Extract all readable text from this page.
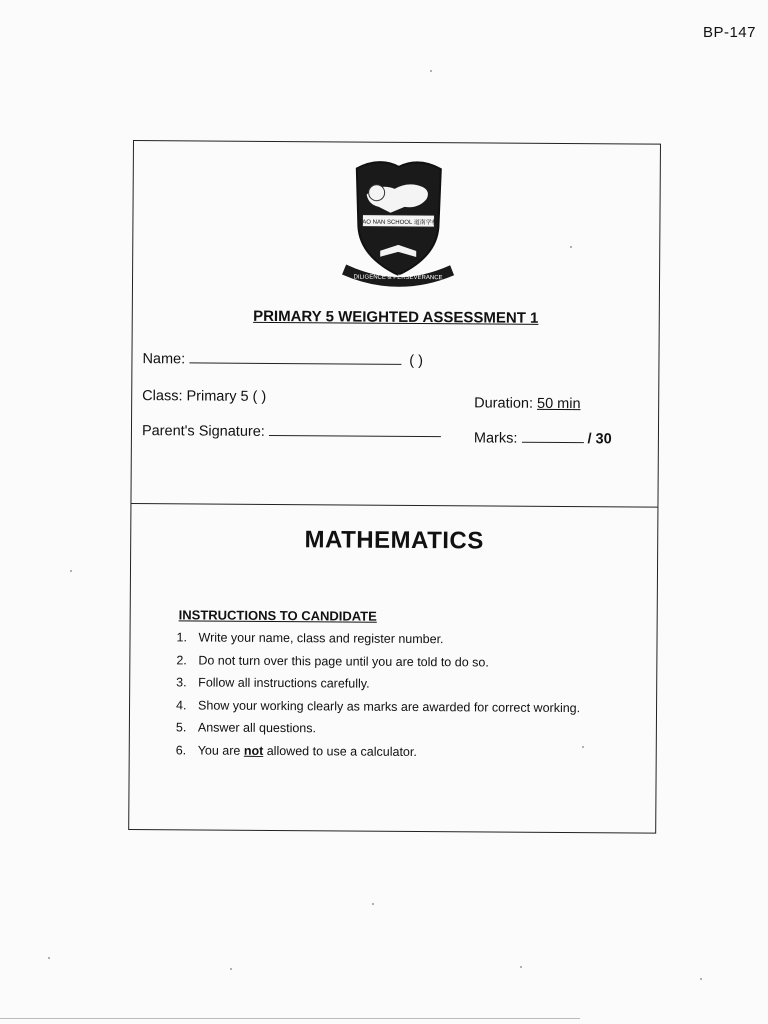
BP-147
TAO NAN SCHOOL 道南学校
DILIGENCE & PERSEVERANCE
PRIMARY 5 WEIGHTED ASSESSMENT 1
Name:	( )
Class: Primary 5 ( )	Duration: 50 min
Parent's Signature:	Marks:	/ 30
MATHEMATICS
INSTRUCTIONS TO CANDIDATE
1. Write your name, class and register number.
2. Do not turn over this page until you are told to do so.
3. Follow all instructions carefully.
4. Show your working clearly as marks are awarded for correct working.
5. Answer all questions.
6. You are not allowed to use a calculator.
